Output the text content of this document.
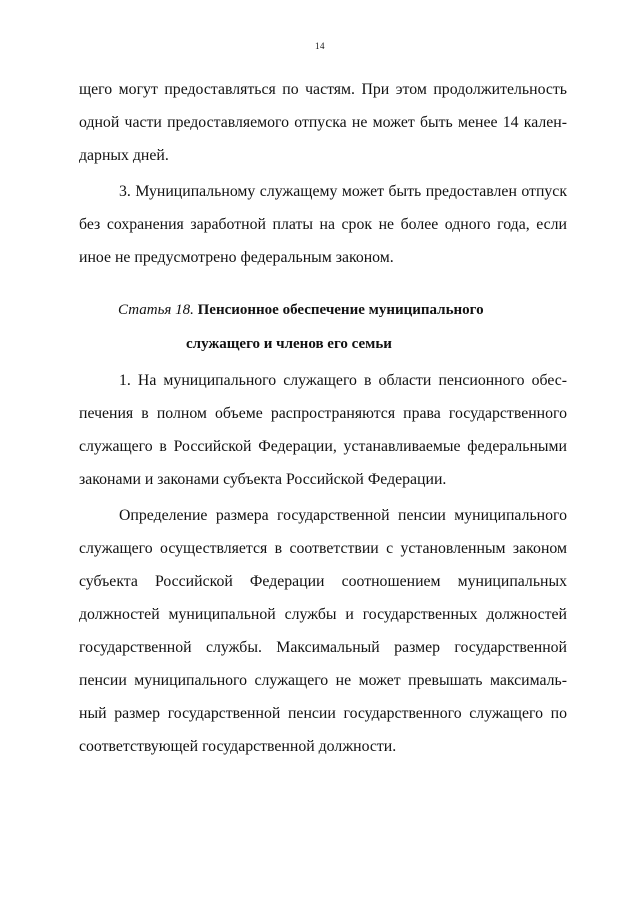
14
щего могут предоставляться по частям. При этом продолжительность
одной части предоставляемого отпуска не может быть менее 14 кален-
дарных дней.
3. Муниципальному служащему может быть предоставлен отпуск
без сохранения заработной платы на срок не более одного года, если
иное не предусмотрено федеральным законом.
Статья 18. Пенсионное обеспечение муниципального
служащего и членов его семьи
1. На муниципального служащего в области пенсионного обес-
печения в полном объеме распространяются права государственного
служащего в Российской Федерации, устанавливаемые федеральными
законами и законами субъекта Российской Федерации.
Определение размера государственной пенсии муниципального
служащего осуществляется в соответствии с установленным законом
субъекта Российской Федерации соотношением муниципальных
должностей муниципальной службы и государственных должностей
государственной службы. Максимальный размер государственной
пенсии муниципального служащего не может превышать максималь-
ный размер государственной пенсии государственного служащего по
соответствующей государственной должности.
